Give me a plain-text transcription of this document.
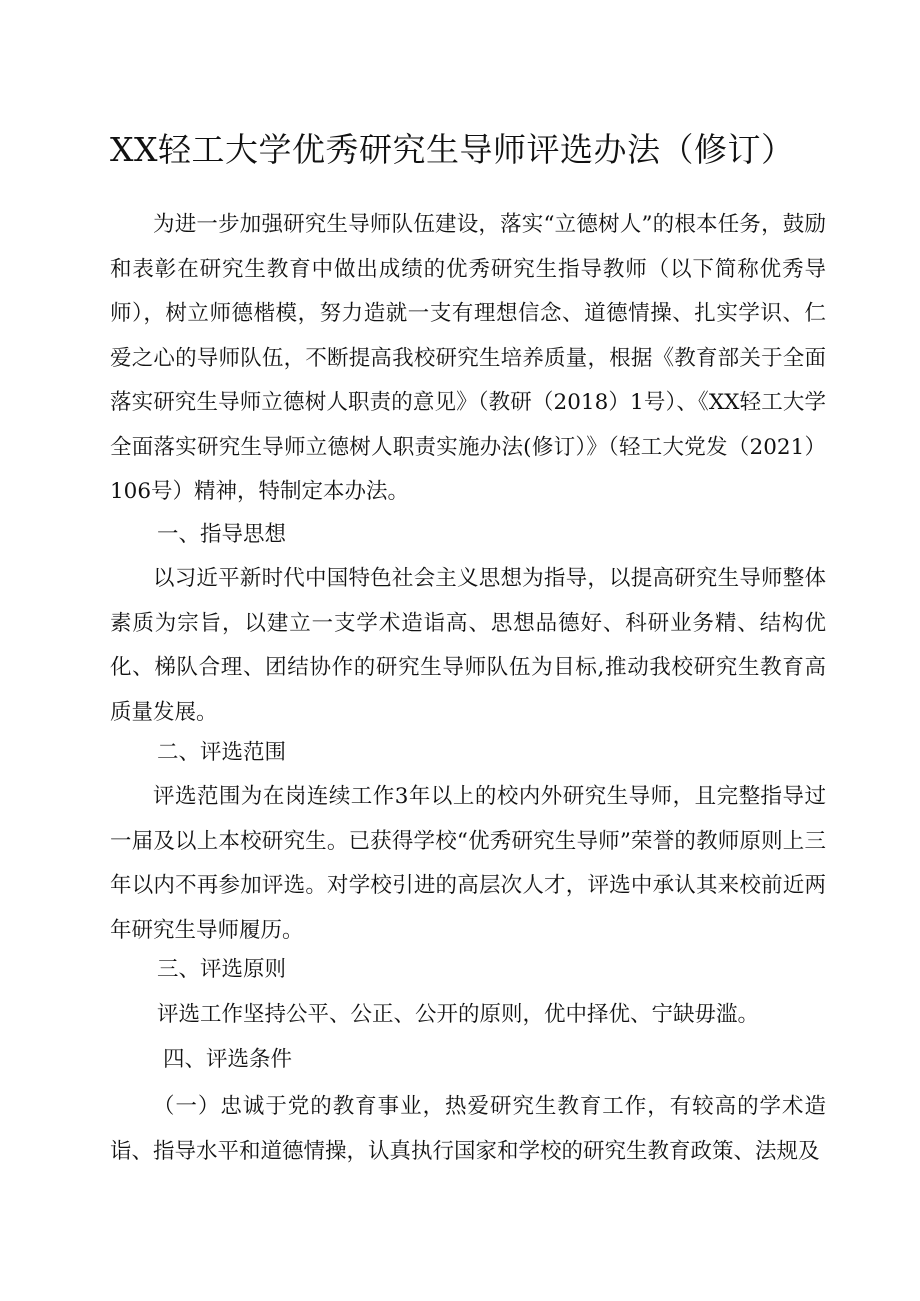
XX轻工大学优秀研究生导师评选办法（修订）

为进一步加强研究生导师队伍建设，落实“立德树人”的根本任务，鼓励和表彰在研究生教育中做出成绩的优秀研究生指导教师（以下简称优秀导师），树立师德楷模，努力造就一支有理想信念、道德情操、扎实学识、仁爱之心的导师队伍，不断提高我校研究生培养质量，根据《教育部关于全面落实研究生导师立德树人职责的意见》（教研（2018）1号）、《XX轻工大学全面落实研究生导师立德树人职责实施办法(修订）》（轻工大党发（2021）106号）精神，特制定本办法。

一、指导思想

以习近平新时代中国特色社会主义思想为指导，以提高研究生导师整体素质为宗旨，以建立一支学术造诣高、思想品德好、科研业务精、结构优化、梯队合理、团结协作的研究生导师队伍为目标,推动我校研究生教育高质量发展。

二、评选范围

评选范围为在岗连续工作3年以上的校内外研究生导师，且完整指导过一届及以上本校研究生。已获得学校“优秀研究生导师”荣誉的教师原则上三年以内不再参加评选。对学校引进的高层次人才，评选中承认其来校前近两年研究生导师履历。

三、评选原则

评选工作坚持公平、公正、公开的原则，优中择优、宁缺毋滥。

四、评选条件

（一）忠诚于党的教育事业，热爱研究生教育工作，有较高的学术造诣、指导水平和道德情操，认真执行国家和学校的研究生教育政策、法规及
